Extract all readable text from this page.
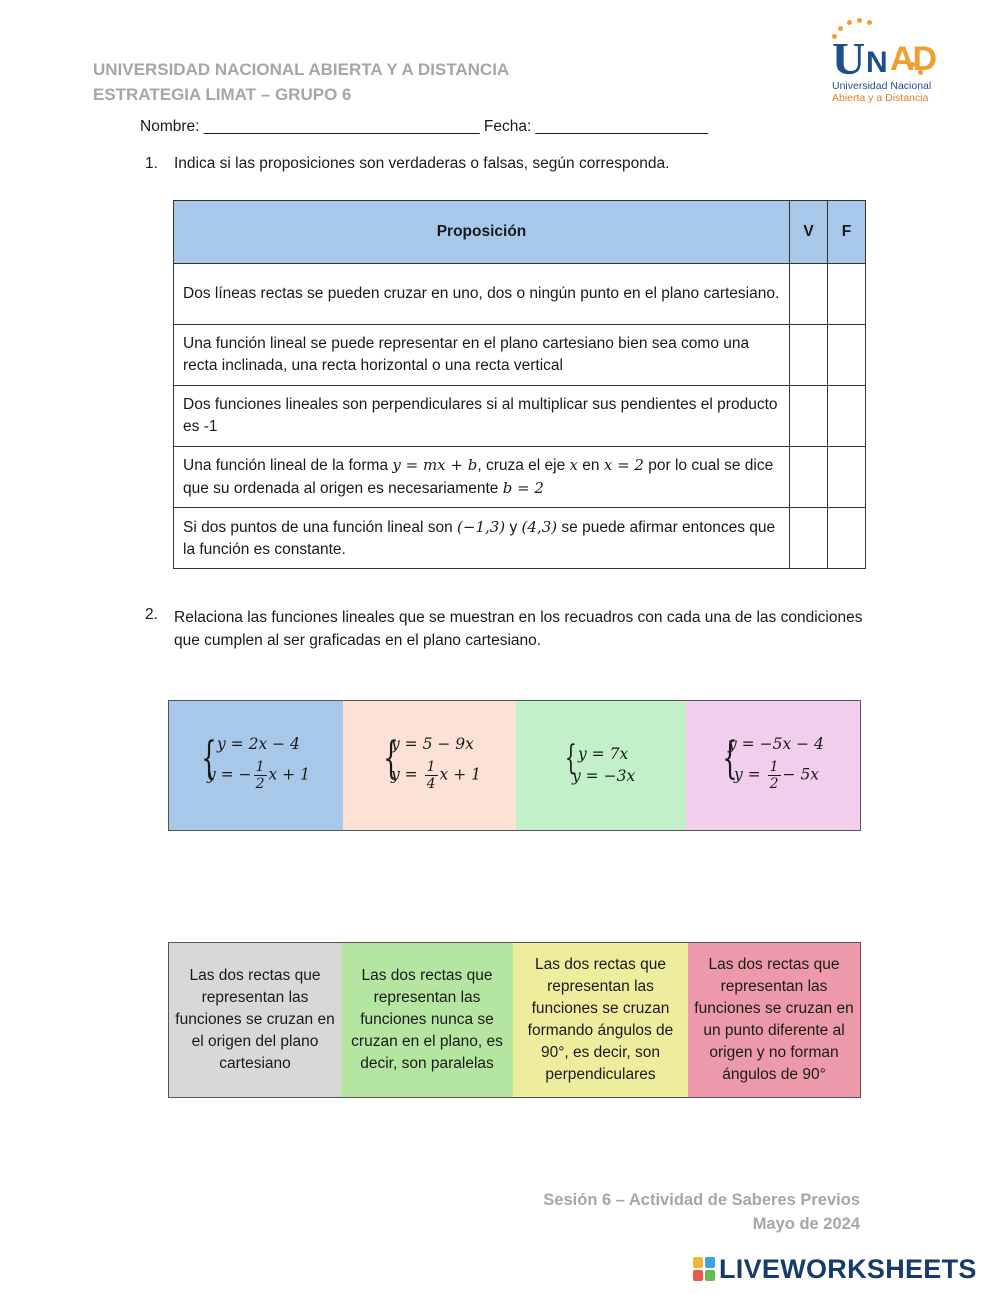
UNIVERSIDAD NACIONAL ABIERTA Y A DISTANCIA
ESTRATEGIA LIMAT – GRUPO 6
U N AD
Universidad Nacional
Abierta y a Distancia
Nombre: ________________________________ Fecha: ____________________
1. Indica si las proposiciones son verdaderas o falsas, según corresponda.
Proposición	V	F
Dos líneas rectas se pueden cruzar en uno, dos o ningún punto en el plano cartesiano.		
Una función lineal se puede representar en el plano cartesiano bien sea como una recta inclinada, una recta horizontal o una recta vertical		
Dos funciones lineales son perpendiculares si al multiplicar sus pendientes el producto es -1		
Una función lineal de la forma y = mx + b, cruza el eje x en x = 2 por lo cual se dice que su ordenada al origen es necesariamente b = 2		
Si dos puntos de una función lineal son (−1,3) y (4,3) se puede afirmar entonces que la función es constante.		
2. Relaciona las funciones lineales que se muestran en los recuadros con cada una de las condiciones que cumplen al ser graficadas en el plano cartesiano.
{ y = 2x − 4
y = − $\frac{1}{2}$ x + 1 {
y = 5 − 9x
$y = \frac{1}{4}$ x + 1 { y = 7x
y = −3x {
y = −5x − 4
$y = \frac{1}{2} - 5x$
Las dos rectas que representan las funciones se cruzan en el origen del plano cartesiano
Las dos rectas que representan las funciones nunca se cruzan en el plano, es decir, son paralelas
Las dos rectas que representan las funciones se cruzan formando ángulos de 90°, es decir, son perpendiculares
Las dos rectas que representan las funciones se cruzan en un punto diferente al origen y no forman ángulos de 90°
Sesión 6 – Actividad de Saberes Previos
Mayo de 2024
LIVEWORKSHEETS
